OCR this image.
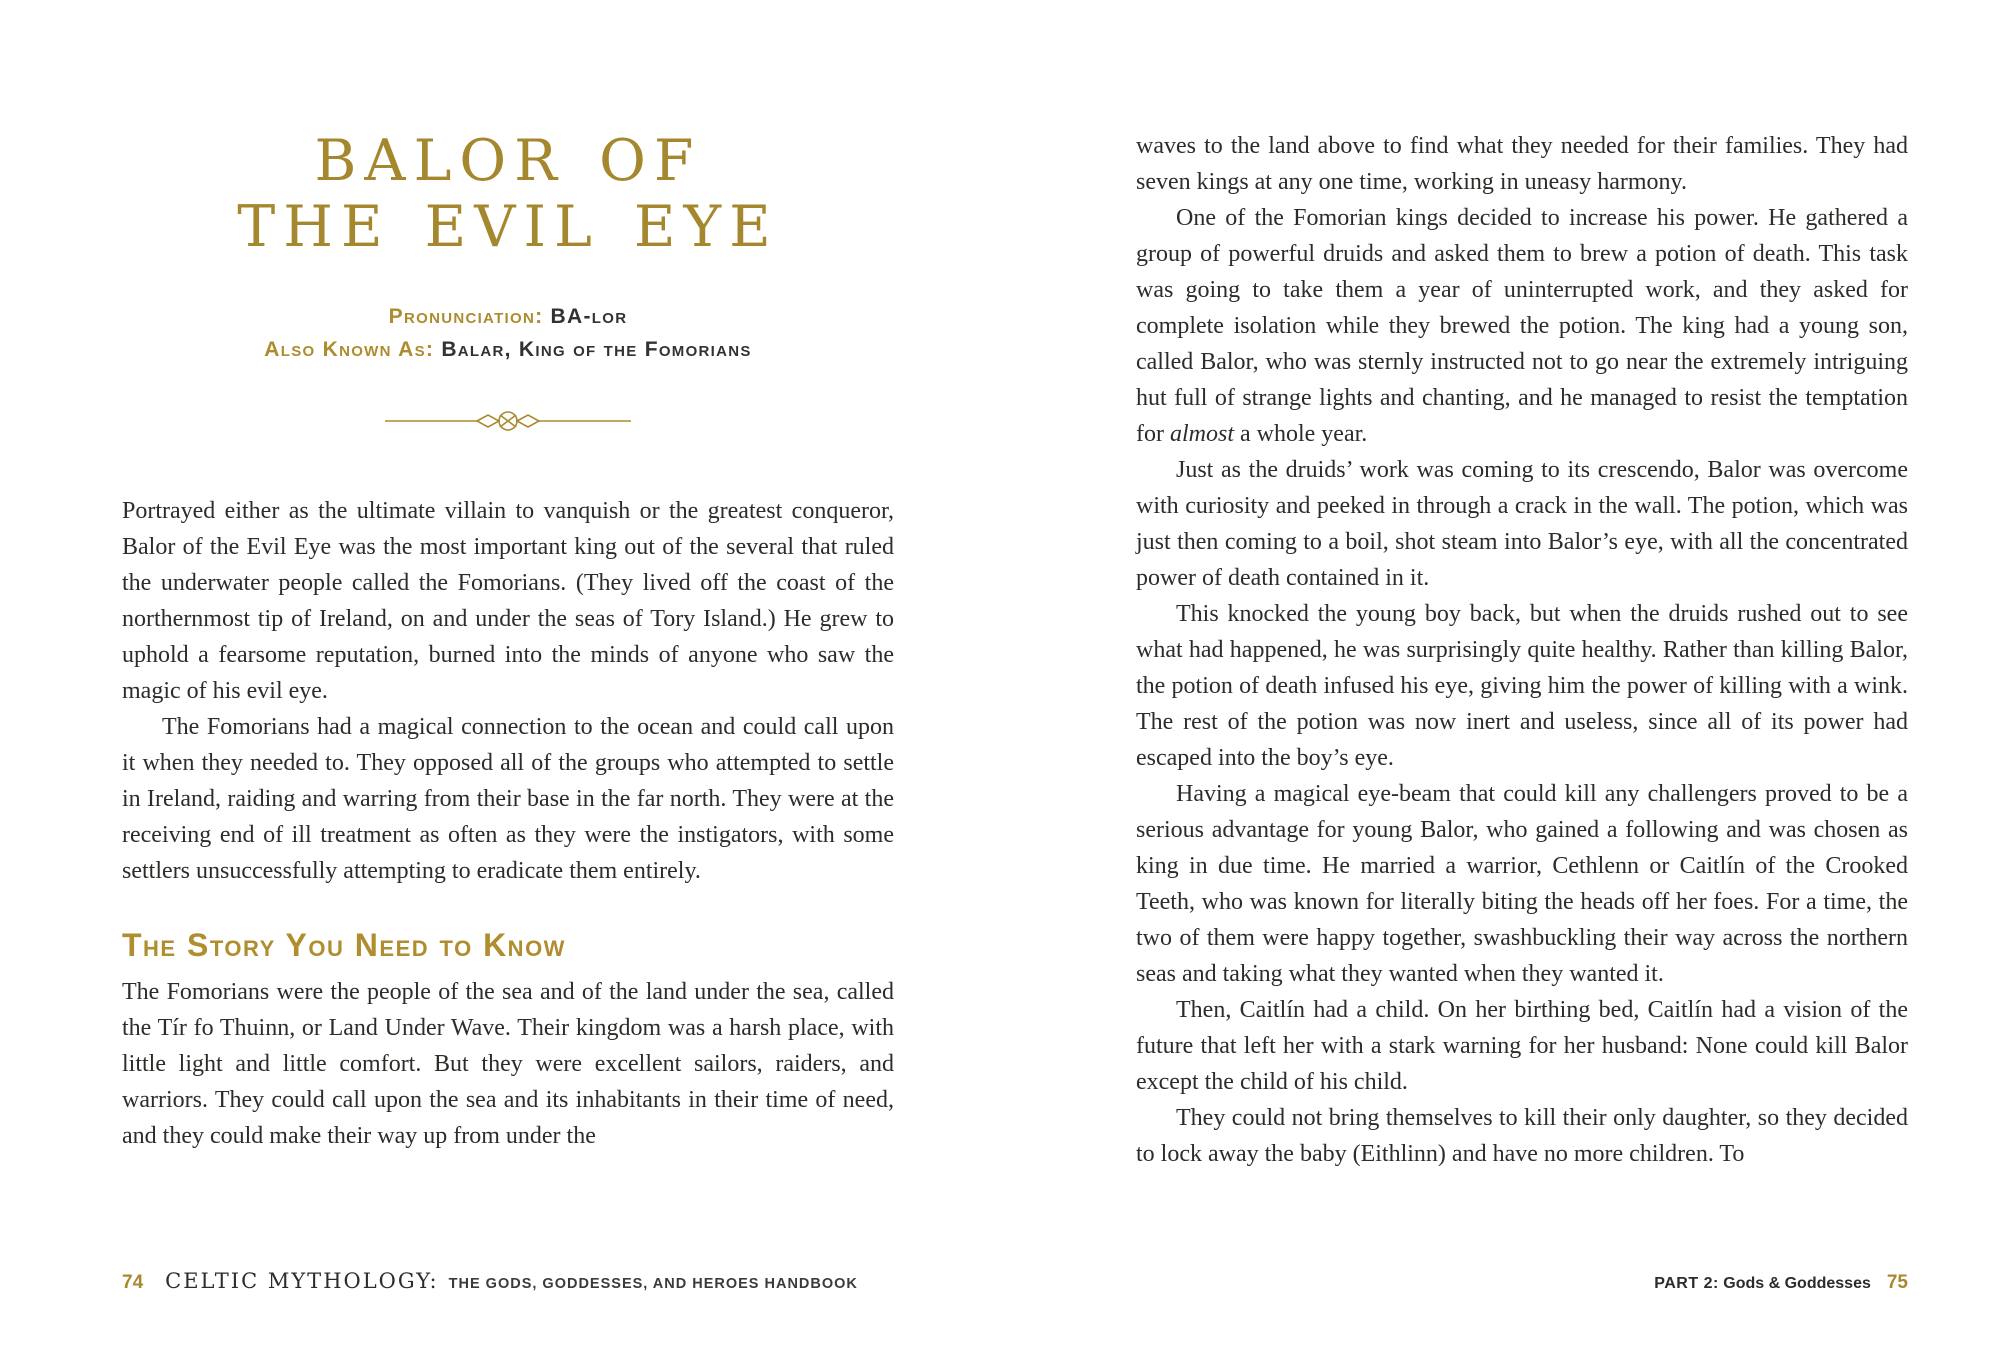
BALOR OF
THE EVIL EYE
Pronunciation: BA-lor
Also Known As: Balar, King of the Fomorians

Portrayed either as the ultimate villain to vanquish or the greatest conqueror, Balor of the Evil Eye was the most important king out of the several that ruled the underwater people called the Fomorians. (They lived off the coast of the northernmost tip of Ireland, on and under the seas of Tory Island.) He grew to uphold a fearsome reputation, burned into the minds of anyone who saw the magic of his evil eye.

The Fomorians had a magical connection to the ocean and could call upon it when they needed to. They opposed all of the groups who attempted to settle in Ireland, raiding and warring from their base in the far north. They were at the receiving end of ill treatment as often as they were the instigators, with some settlers unsuccessfully attempting to eradicate them entirely.

The Story You Need to Know

The Fomorians were the people of the sea and of the land under the sea, called the Tír fo Thuinn, or Land Under Wave. Their kingdom was a harsh place, with little light and little comfort. But they were excellent sailors, raiders, and warriors. They could call upon the sea and its inhabitants in their time of need, and they could make their way up from under the

74 CELTIC MYTHOLOGY: THE GODS, GODDESSES, AND HEROES HANDBOOK

waves to the land above to find what they needed for their families. They had seven kings at any one time, working in uneasy harmony.

One of the Fomorian kings decided to increase his power. He gathered a group of powerful druids and asked them to brew a potion of death. This task was going to take them a year of uninterrupted work, and they asked for complete isolation while they brewed the potion. The king had a young son, called Balor, who was sternly instructed not to go near the extremely intriguing hut full of strange lights and chanting, and he managed to resist the temptation for almost a whole year.

Just as the druids’ work was coming to its crescendo, Balor was overcome with curiosity and peeked in through a crack in the wall. The potion, which was just then coming to a boil, shot steam into Balor’s eye, with all the concentrated power of death contained in it.

This knocked the young boy back, but when the druids rushed out to see what had happened, he was surprisingly quite healthy. Rather than killing Balor, the potion of death infused his eye, giving him the power of killing with a wink. The rest of the potion was now inert and useless, since all of its power had escaped into the boy’s eye.

Having a magical eye-beam that could kill any challengers proved to be a serious advantage for young Balor, who gained a following and was chosen as king in due time. He married a warrior, Cethlenn or Caitlín of the Crooked Teeth, who was known for literally biting the heads off her foes. For a time, the two of them were happy together, swashbuckling their way across the northern seas and taking what they wanted when they wanted it.

Then, Caitlín had a child. On her birthing bed, Caitlín had a vision of the future that left her with a stark warning for her husband: None could kill Balor except the child of his child.

They could not bring themselves to kill their only daughter, so they decided to lock away the baby (Eithlinn) and have no more children. To

PART 2: Gods & Goddesses 75
